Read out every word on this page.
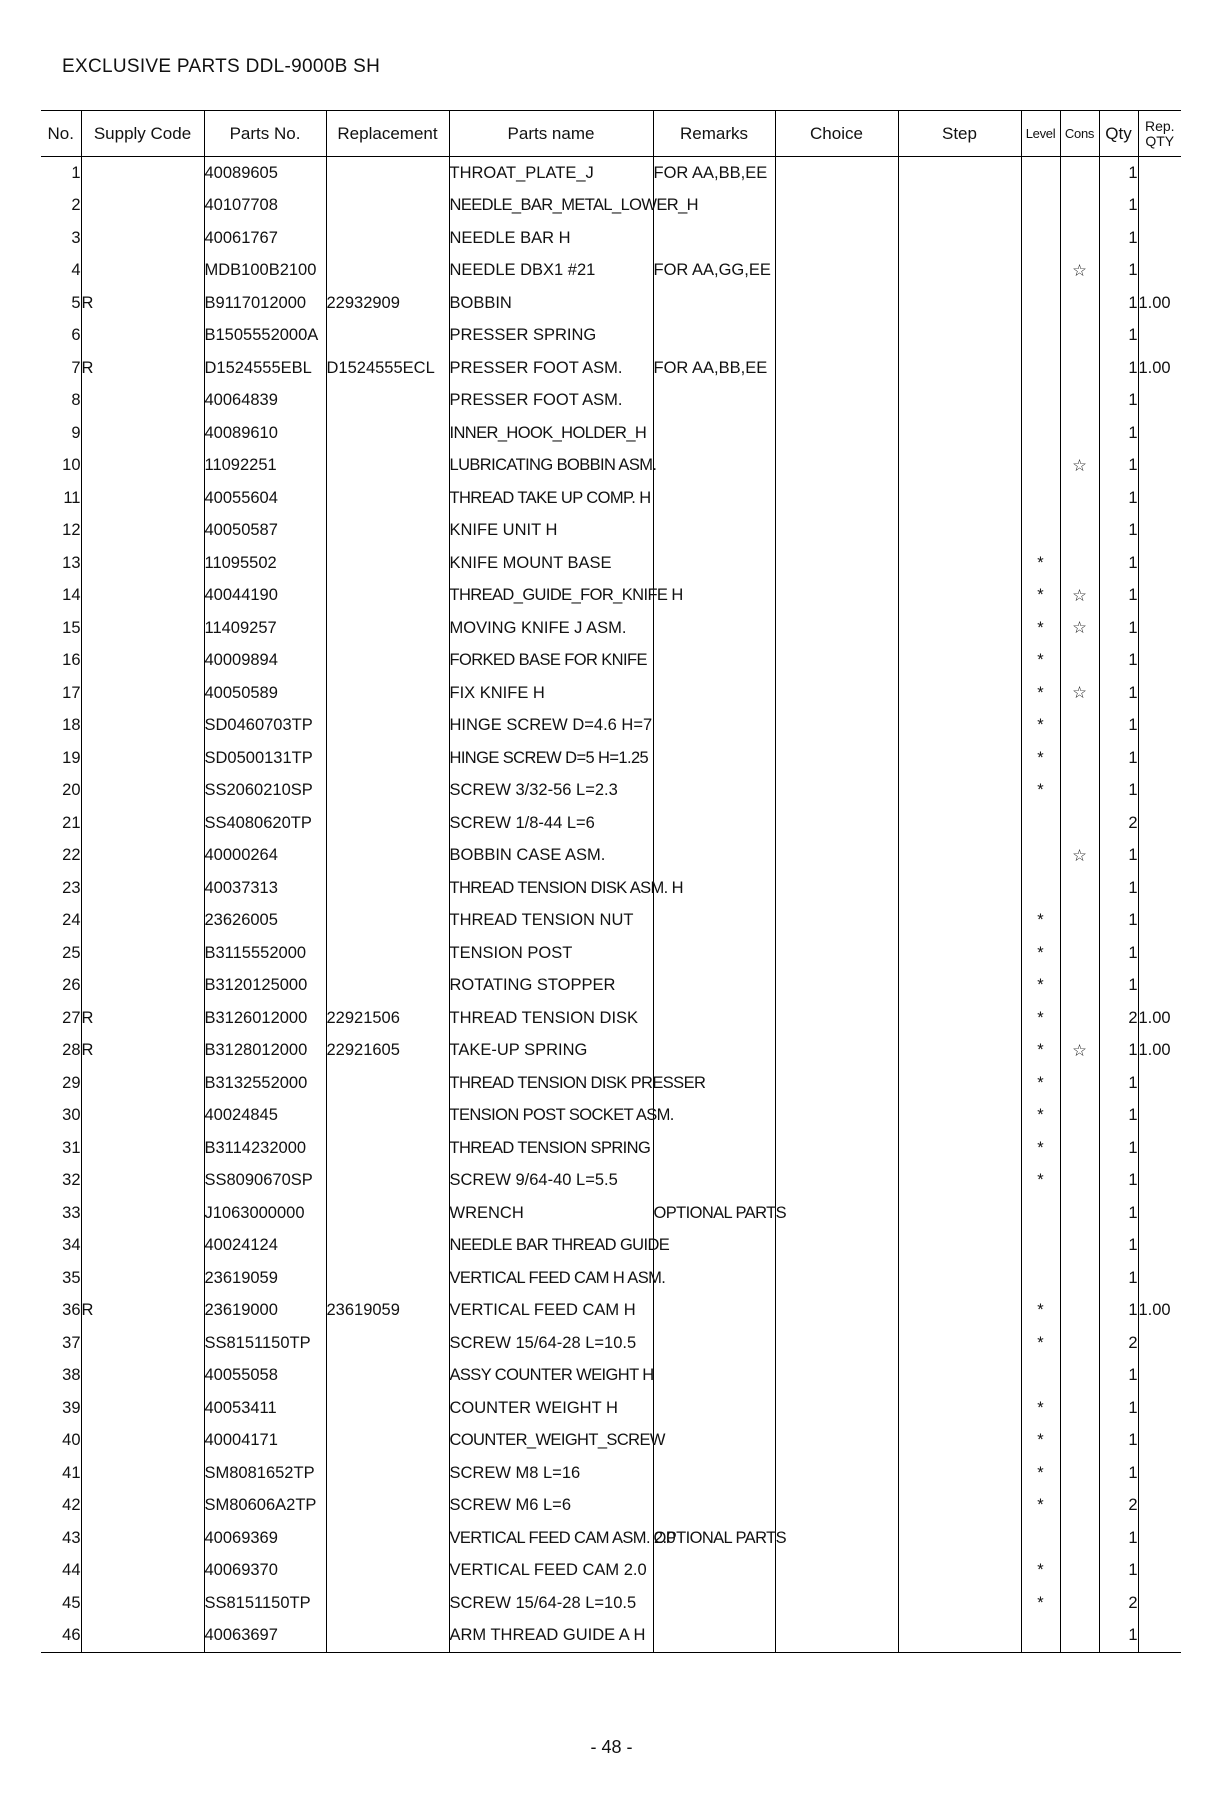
EXCLUSIVE PARTS DDL-9000B SH
No.	Supply Code	Parts No.	Replacement	Parts name	Remarks	Choice	Step	Level	Cons	Qty	Rep.
QTY

1		40089605		THROAT_PLATE_J	FOR AA,BB,EE					1	
2		40107708		NEEDLE_BAR_METAL_LOWER_H						1	
3		40061767		NEEDLE BAR H						1	
4		MDB100B2100		NEEDLE DBX1 #21	FOR AA,GG,EE				☆	1	
5	R	B9117012000	22932909	BOBBIN						1	1.00
6		B1505552000A		PRESSER SPRING						1	
7	R	D1524555EBL	D1524555ECL	PRESSER FOOT ASM.	FOR AA,BB,EE					1	1.00
8		40064839		PRESSER FOOT ASM.						1	
9		40089610		INNER_HOOK_HOLDER_H						1	
10		11092251		LUBRICATING BOBBIN ASM.					☆	1	
11		40055604		THREAD TAKE UP COMP. H						1	
12		40050587		KNIFE UNIT H						1	
13		11095502		KNIFE MOUNT BASE				*		1	
14		40044190		THREAD_GUIDE_FOR_KNIFE H				*	☆	1	
15		11409257		MOVING KNIFE J ASM.				*	☆	1	
16		40009894		FORKED BASE FOR KNIFE				*		1	
17		40050589		FIX KNIFE H				*	☆	1	
18		SD0460703TP		HINGE SCREW D=4.6 H=7				*		1	
19		SD0500131TP		HINGE SCREW D=5 H=1.25				*		1	
20		SS2060210SP		SCREW 3/32-56 L=2.3				*		1	
21		SS4080620TP		SCREW 1/8-44 L=6						2	
22		40000264		BOBBIN CASE ASM.					☆	1	
23		40037313		THREAD TENSION DISK ASM. H						1	
24		23626005		THREAD TENSION NUT				*		1	
25		B3115552000		TENSION POST				*		1	
26		B3120125000		ROTATING STOPPER				*		1	
27	R	B3126012000	22921506	THREAD TENSION DISK				*		2	1.00
28	R	B3128012000	22921605	TAKE-UP SPRING				*	☆	1	1.00
29		B3132552000		THREAD TENSION DISK PRESSER				*		1	
30		40024845		TENSION POST SOCKET ASM.				*		1	
31		B3114232000		THREAD TENSION SPRING				*		1	
32		SS8090670SP		SCREW 9/64-40 L=5.5				*		1	
33		J1063000000		WRENCH	OPTIONAL PARTS					1	
34		40024124		NEEDLE BAR THREAD GUIDE						1	
35		23619059		VERTICAL FEED CAM H ASM.						1	
36	R	23619000	23619059	VERTICAL FEED CAM H				*		1	1.00
37		SS8151150TP		SCREW 15/64-28 L=10.5				*		2	
38		40055058		ASSY COUNTER WEIGHT H						1	
39		40053411		COUNTER WEIGHT H				*		1	
40		40004171		COUNTER_WEIGHT_SCREW				*		1	
41		SM8081652TP		SCREW M8 L=16				*		1	
42		SM80606A2TP		SCREW M6 L=6				*		2	
43		40069369		VERTICAL FEED CAM ASM. 2.0	OPTIONAL PARTS					1	
44		40069370		VERTICAL FEED CAM 2.0				*		1	
45		SS8151150TP		SCREW 15/64-28 L=10.5				*		2	
46		40063697		ARM THREAD GUIDE A H						1	
- 48 -
